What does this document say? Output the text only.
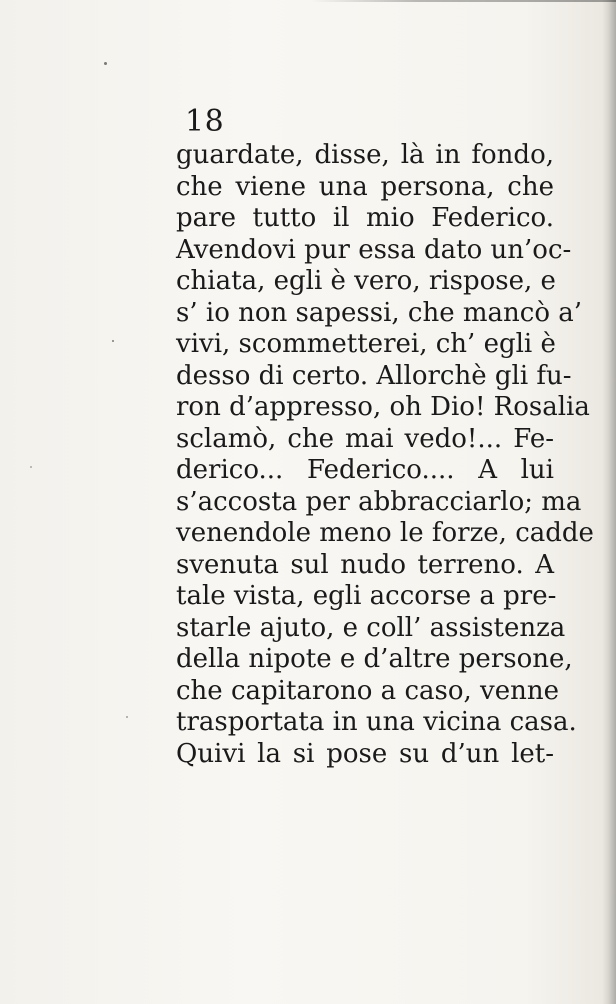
18
guardate, disse, là in fondo,
che viene una persona, che
pare tutto il mio Federico.
Avendovi pur essa dato un’oc-
chiata, egli è vero, rispose, e
s’ io non sapessi, che mancò a’
vivi, scommetterei, ch’ egli è
desso di certo. Allorchè gli fu-
ron d’appresso, oh Dio! Rosalia
sclamò, che mai vedo!... Fe-
derico... Federico.... A lui
s’accosta per abbracciarlo; ma
venendole meno le forze, cadde
svenuta sul nudo terreno. A
tale vista, egli accorse a pre-
starle ajuto, e coll’ assistenza
della nipote e d’altre persone,
che capitarono a caso, venne
trasportata in una vicina casa.
Quivi la si pose su d’un let-
